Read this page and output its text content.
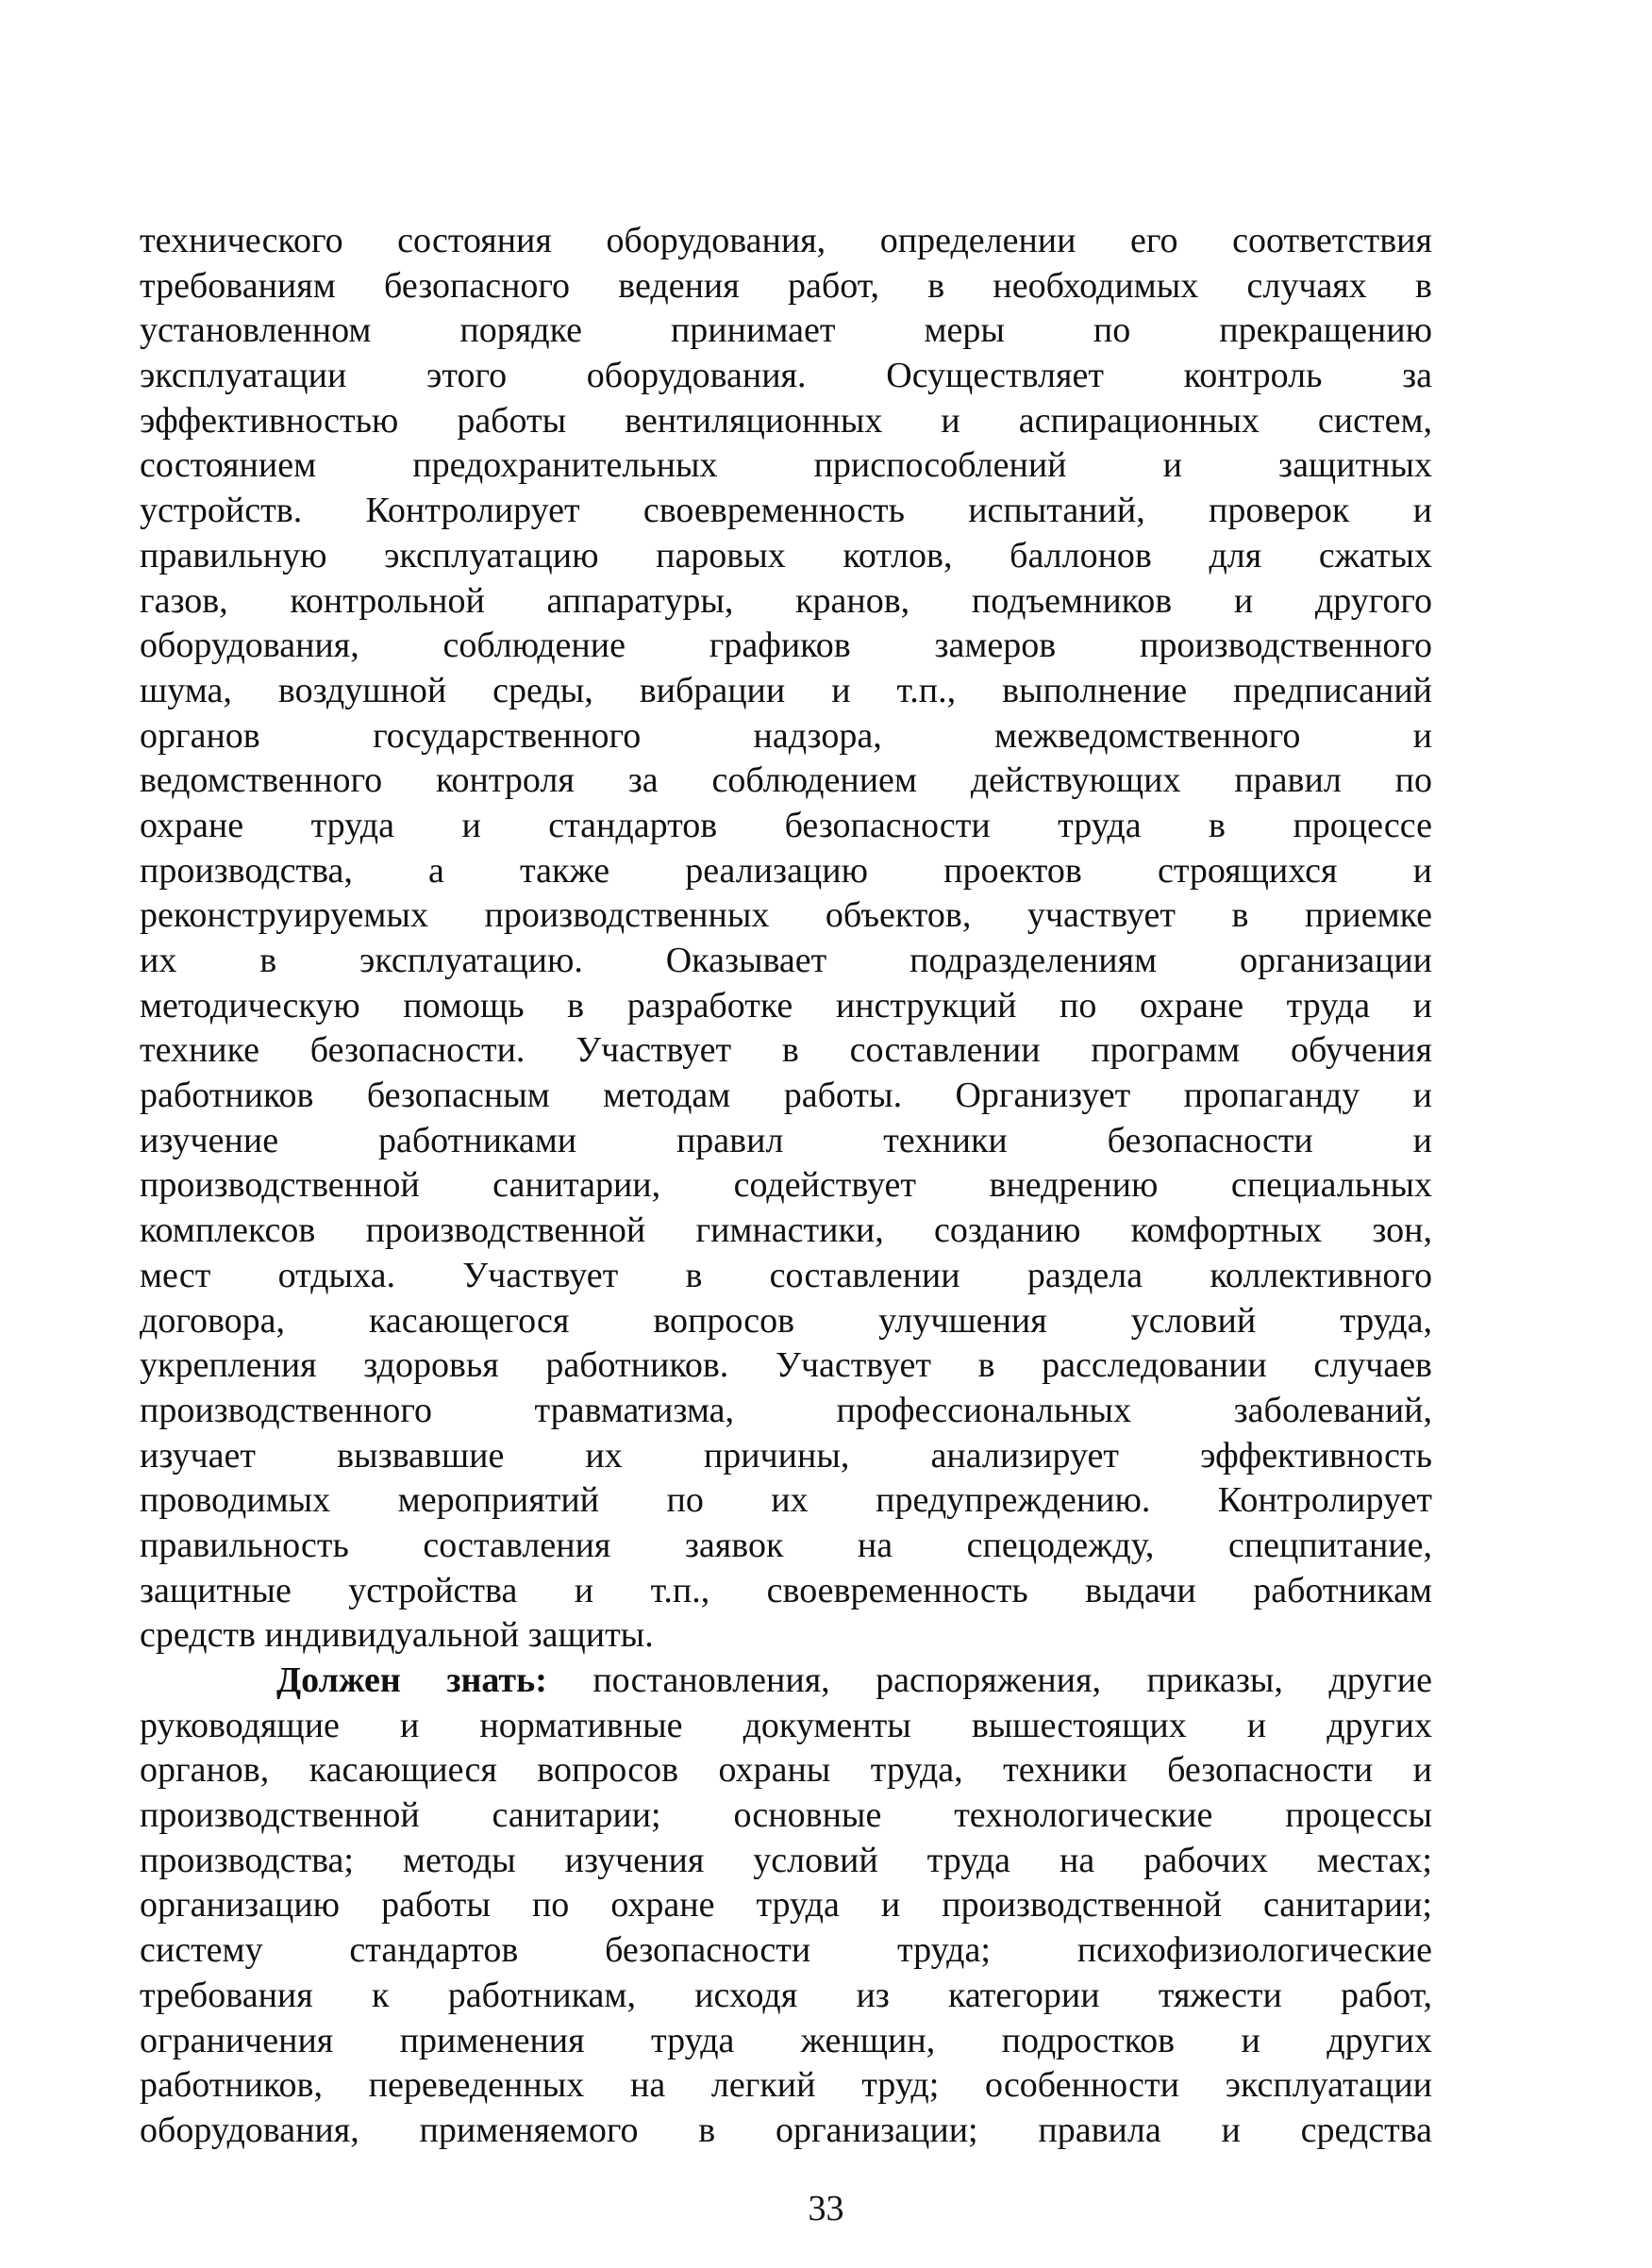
технического состояния оборудования, определении его соответствия
требованиям безопасного ведения работ, в необходимых случаях в
установленном порядке принимает меры по прекращению
эксплуатации этого оборудования. Осуществляет контроль за
эффективностью работы вентиляционных и аспирационных систем,
состоянием предохранительных приспособлений и защитных
устройств. Контролирует своевременность испытаний, проверок и
правильную эксплуатацию паровых котлов, баллонов для сжатых
газов, контрольной аппаратуры, кранов, подъемников и другого
оборудования, соблюдение графиков замеров производственного
шума, воздушной среды, вибрации и т.п., выполнение предписаний
органов государственного надзора, межведомственного и
ведомственного контроля за соблюдением действующих правил по
охране труда и стандартов безопасности труда в процессе
производства, а также реализацию проектов строящихся и
реконструируемых производственных объектов, участвует в приемке
их в эксплуатацию. Оказывает подразделениям организации
методическую помощь в разработке инструкций по охране труда и
технике безопасности. Участвует в составлении программ обучения
работников безопасным методам работы. Организует пропаганду и
изучение работниками правил техники безопасности и
производственной санитарии, содействует внедрению специальных
комплексов производственной гимнастики, созданию комфортных зон,
мест отдыха. Участвует в составлении раздела коллективного
договора, касающегося вопросов улучшения условий труда,
укрепления здоровья работников. Участвует в расследовании случаев
производственного травматизма, профессиональных заболеваний,
изучает вызвавшие их причины, анализирует эффективность
проводимых мероприятий по их предупреждению. Контролирует
правильность составления заявок на спецодежду, спецпитание,
защитные устройства и т.п., своевременность выдачи работникам
средств индивидуальной защиты.
Должен знать: постановления, распоряжения, приказы, другие
руководящие и нормативные документы вышестоящих и других
органов, касающиеся вопросов охраны труда, техники безопасности и
производственной санитарии; основные технологические процессы
производства; методы изучения условий труда на рабочих местах;
организацию работы по охране труда и производственной санитарии;
систему стандартов безопасности труда; психофизиологические
требования к работникам, исходя из категории тяжести работ,
ограничения применения труда женщин, подростков и других
работников, переведенных на легкий труд; особенности эксплуатации
оборудования, применяемого в организации; правила и средства
33
